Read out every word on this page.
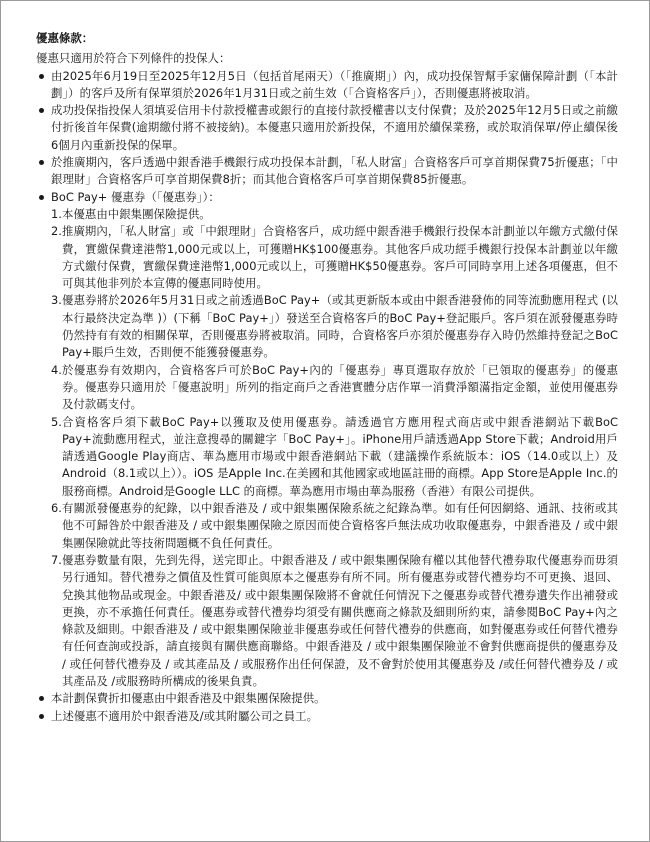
優惠條款：
優惠只適用於符合下列條件的投保人：
由2025年6月19日至2025年12月5日（包括首尾兩天）（「推廣期」）內，成功投保智幫手家傭保障計劃（「本計劃」）的客戶及所有保單須於2026年1月31日或之前生效（「合資格客戶」），否則優惠將被取消。
成功投保指投保人須填妥信用卡付款授權書或銀行的直接付款授權書以支付保費；及於2025年12月5日或之前繳付折後首年保費(逾期繳付將不被接納)。本優惠只適用於新投保，不適用於續保業務，或於取消保單/停止續保後6個月內重新投保的保單。
於推廣期內，客戶透過中銀香港手機銀行成功投保本計劃，「私人財富」合資格客戶可享首期保費75折優惠；「中銀理財」合資格客戶可享首期保費8折；而其他合資格客戶可享首期保費85折優惠。
BoC Pay+ 優惠券（「優惠券」）：
1. 本優惠由中銀集團保險提供。
2. 推廣期內，「私人財富」或「中銀理財」合資格客戶，成功經中銀香港手機銀行投保本計劃並以年繳方式繳付保費，實繳保費達港幣1,000元或以上，可獲贈HK$100優惠券。其他客戶成功經手機銀行投保本計劃並以年繳方式繳付保費，實繳保費達港幣1,000元或以上，可獲贈HK$50優惠券。客戶可同時享用上述各項優惠，但不可與其他非列於本宣傳的優惠同時使用。
3. 優惠券將於2026年5月31日或之前透過BoC Pay+（或其更新版本或由中銀香港發佈的同等流動應用程式 (以本行最終決定為準 )）(下稱「BoC Pay+」）發送至合資格客戶的BoC Pay+登記賬戶。客戶須在派發優惠券時仍然持有有效的相關保單，否則優惠券將被取消。同時，合資格客戶亦須於優惠券存入時仍然維持登記之BoC Pay+賬戶生效，否則便不能獲發優惠券。
4. 於優惠券有效期內，合資格客戶可於BoC Pay+內的「優惠券」專頁選取存放於「已領取的優惠券」的優惠券。優惠券只適用於「優惠說明」所列的指定商戶之香港實體分店作單一消費淨額滿指定金額，並使用優惠券及付款碼支付。
5. 合資格客戶須下載BoC Pay+以獲取及使用優惠券。請透過官方應用程式商店或中銀香港網站下載BoC Pay+流動應用程式，並注意搜尋的關鍵字「BoC Pay+」。iPhone用戶請透過App Store下載；Android用戶請透過Google Play商店、華為應用市場或中銀香港網站下載（建議操作系統版本：iOS（14.0或以上）及 Android（8.1或以上））。iOS 是Apple Inc.在美國和其他國家或地區註冊的商標。App Store是Apple Inc.的服務商標。Android是Google LLC 的商標。華為應用市場由華為服務（香港）有限公司提供。
6. 有關派發優惠券的紀錄，以中銀香港及 / 或中銀集團保險系統之紀錄為準。如有任何因網絡、通訊、技術或其他不可歸咎於中銀香港及 / 或中銀集團保險之原因而使合資格客戶無法成功收取優惠券，中銀香港及 / 或中銀集團保險就此等技術問題概不負任何責任。
7. 優惠券數量有限，先到先得，送完即止。中銀香港及 / 或中銀集團保險有權以其他替代禮券取代優惠券而毋須另行通知。替代禮券之價值及性質可能與原本之優惠券有所不同。所有優惠券或替代禮券均不可更換、退回、兌換其他物品或現金。中銀香港及/ 或中銀集團保險將不會就任何情況下之優惠券或替代禮券遺失作出補發或更換，亦不承擔任何責任。優惠券或替代禮券均須受有關供應商之條款及細則所約束，請參閱BoC Pay+內之條款及細則。中銀香港及 / 或中銀集團保險並非優惠券或任何替代禮券的供應商，如對優惠券或任何替代禮券有任何查詢或投訴，請直接與有關供應商聯絡。中銀香港及 / 或中銀集團保險並不會對供應商提供的優惠券及 / 或任何替代禮券及 / 或其產品及 / 或服務作出任何保證，及不會對於使用其優惠券及 /或任何替代禮券及 / 或其產品及 /或服務時所構成的後果負責。
本計劃保費折扣優惠由中銀香港及中銀集團保險提供。
上述優惠不適用於中銀香港及/或其附屬公司之員工。
